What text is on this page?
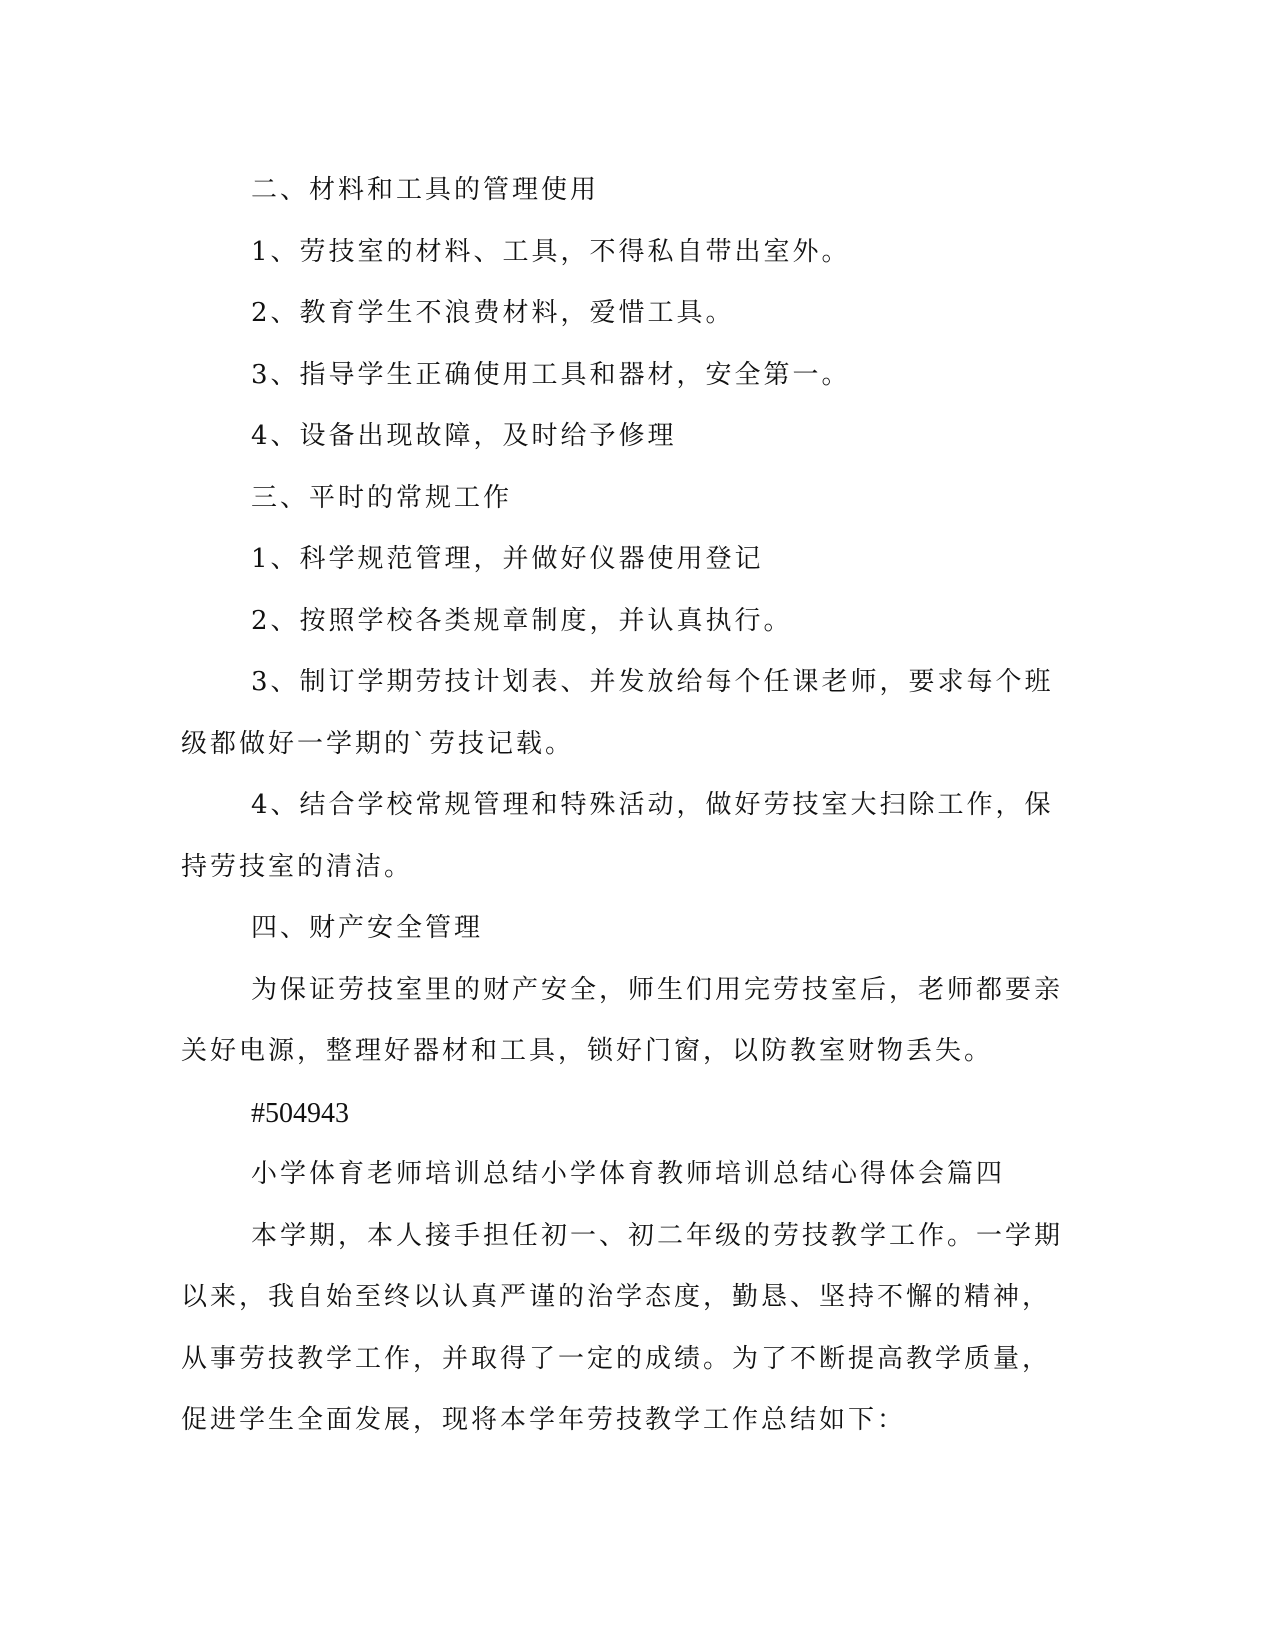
二、材料和工具的管理使用

1、劳技室的材料、工具，不得私自带出室外。

2、教育学生不浪费材料，爱惜工具。

3、指导学生正确使用工具和器材，安全第一。

4、设备出现故障，及时给予修理

三、平时的常规工作

1、科学规范管理，并做好仪器使用登记

2、按照学校各类规章制度，并认真执行。

3、制订学期劳技计划表、并发放给每个任课老师，要求每个班

级都做好一学期的`劳技记载。

4、结合学校常规管理和特殊活动，做好劳技室大扫除工作，保

持劳技室的清洁。

四、财产安全管理

为保证劳技室里的财产安全，师生们用完劳技室后，老师都要亲

关好电源，整理好器材和工具，锁好门窗，以防教室财物丢失。

#504943

小学体育老师培训总结小学体育教师培训总结心得体会篇四

本学期，本人接手担任初一、初二年级的劳技教学工作。一学期

以来，我自始至终以认真严谨的治学态度，勤恳、坚持不懈的精神，

从事劳技教学工作，并取得了一定的成绩。为了不断提高教学质量，

促进学生全面发展，现将本学年劳技教学工作总结如下：
